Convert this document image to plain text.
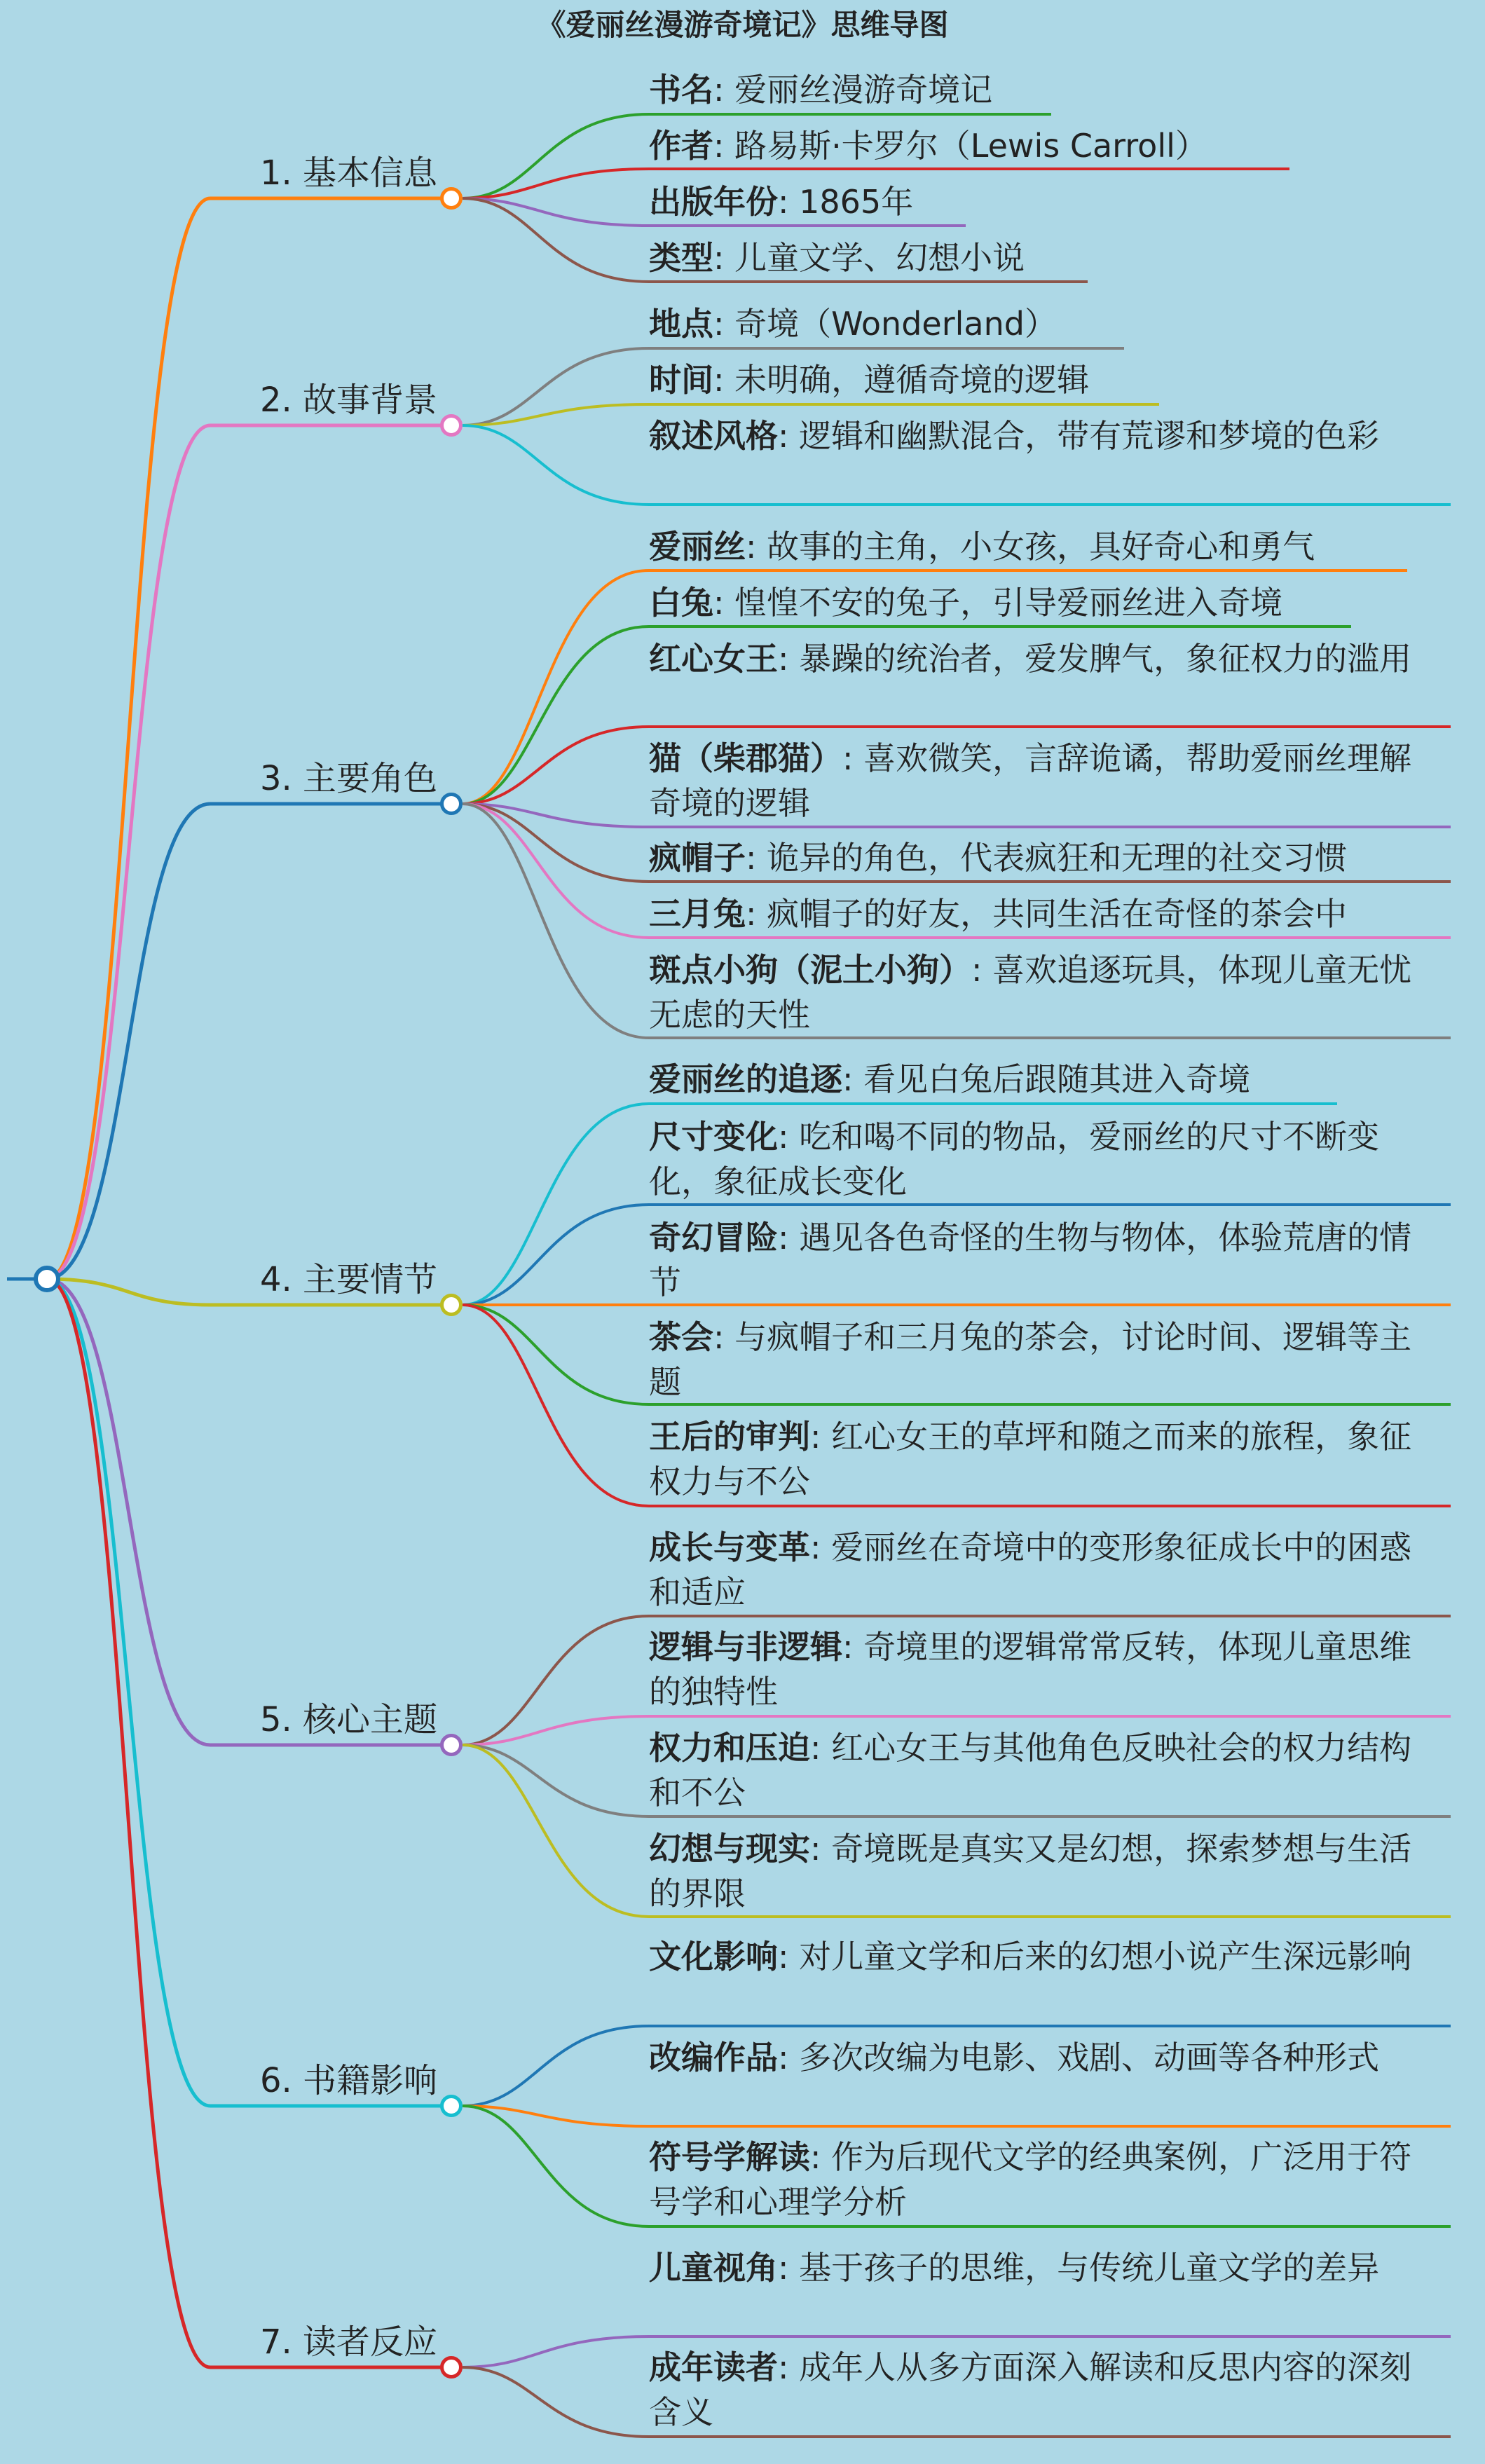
《爱丽丝漫游奇境记》思维导图
1. 基本信息
书名: 爱丽丝漫游奇境记
作者: 路易斯·卡罗尔（Lewis Carroll）
出版年份: 1865年
类型: 儿童文学、幻想小说
2. 故事背景
地点: 奇境（Wonderland）
时间: 未明确，遵循奇境的逻辑
叙述风格: 逻辑和幽默混合，带有荒谬和梦境的色彩
3. 主要角色
爱丽丝: 故事的主角，小女孩，具好奇心和勇气
白兔: 惶惶不安的兔子，引导爱丽丝进入奇境
红心女王: 暴躁的统治者，爱发脾气，象征权力的滥用
猫（柴郡猫）: 喜欢微笑，言辞诡谲，帮助爱丽丝理解奇境的逻辑
疯帽子: 诡异的角色，代表疯狂和无理的社交习惯
三月兔: 疯帽子的好友，共同生活在奇怪的茶会中
斑点小狗（泥土小狗）: 喜欢追逐玩具，体现儿童无忧无虑的天性
4. 主要情节
爱丽丝的追逐: 看见白兔后跟随其进入奇境
尺寸变化: 吃和喝不同的物品，爱丽丝的尺寸不断变化，象征成长变化
奇幻冒险: 遇见各色奇怪的生物与物体，体验荒唐的情节
茶会: 与疯帽子和三月兔的茶会，讨论时间、逻辑等主题
王后的审判: 红心女王的草坪和随之而来的旅程，象征权力与不公
5. 核心主题
成长与变革: 爱丽丝在奇境中的变形象征成长中的困惑和适应
逻辑与非逻辑: 奇境里的逻辑常常反转，体现儿童思维的独特性
权力和压迫: 红心女王与其他角色反映社会的权力结构和不公
幻想与现实: 奇境既是真实又是幻想，探索梦想与生活的界限
6. 书籍影响
文化影响: 对儿童文学和后来的幻想小说产生深远影响
改编作品: 多次改编为电影、戏剧、动画等各种形式
符号学解读: 作为后现代文学的经典案例，广泛用于符号学和心理学分析
7. 读者反应
儿童视角: 基于孩子的思维，与传统儿童文学的差异
成年读者: 成年人从多方面深入解读和反思内容的深刻含义
